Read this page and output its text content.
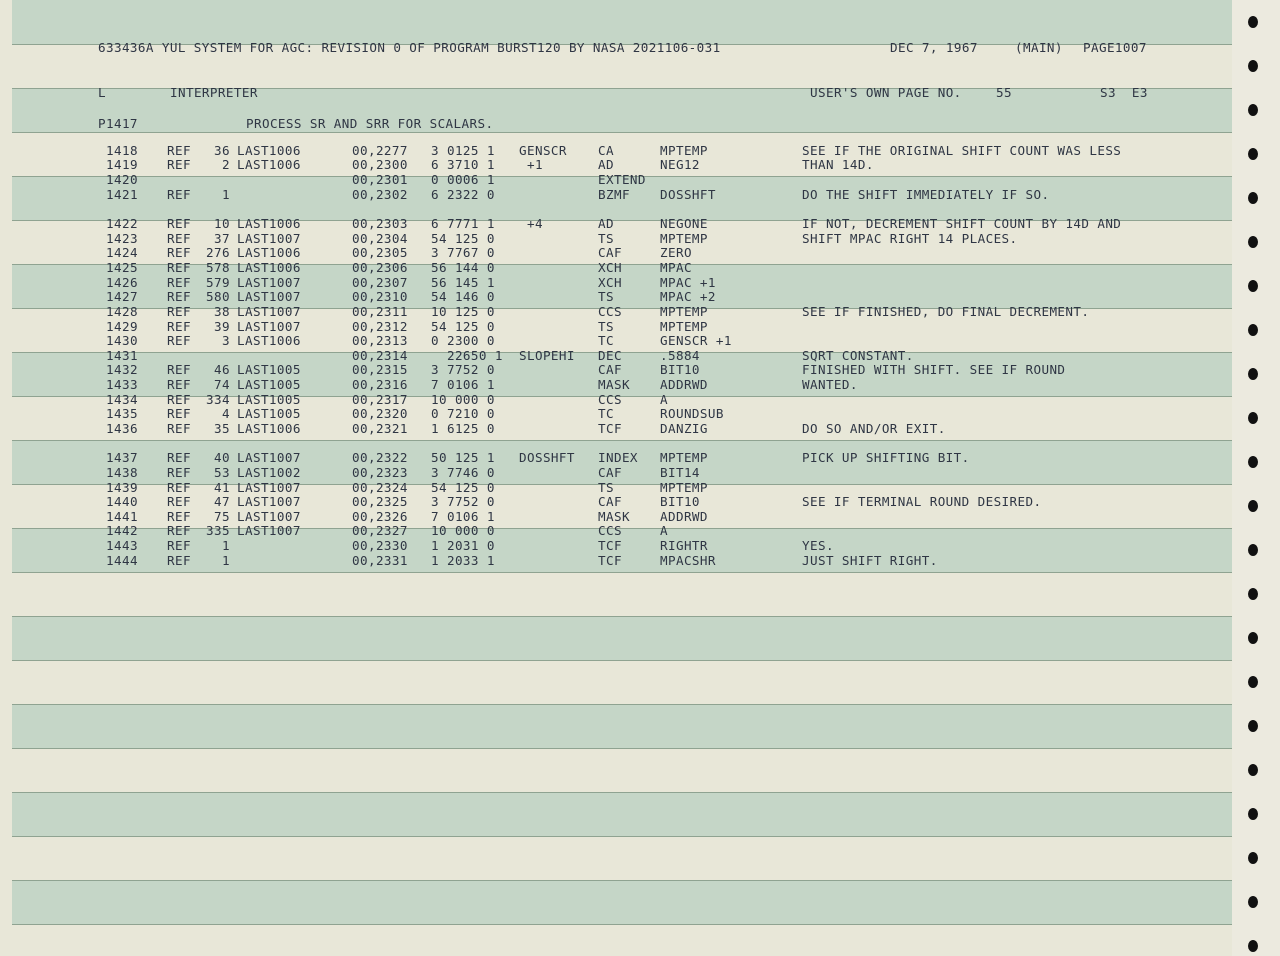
633436A YUL SYSTEM FOR AGC: REVISION 0 OF PROGRAM BURST120 BY NASA 2021106-031	DEC 7, 1967	(MAIN) PAGE1007
L	INTERPRETER	USER'S OWN PAGE NO.	55	S3  E3
P1417	PROCESS SR AND SRR FOR SCALARS.
1418 REF	36 LAST1006	00,2277 3 0125 1 GENSCR CA	MPTEMP	SEE IF THE ORIGINAL SHIFT COUNT WAS LESS
1419 REF	2 LAST1006	00,2300 6 3710 1 +1	AD	NEG12	THAN 14D.
1420	00,2301 0 0006 1	EXTEND
1421 REF	1	00,2302 6 2322 0	BZMF DOSSHFT	DO THE SHIFT IMMEDIATELY IF SO.
1422 REF	10 LAST1006	00,2303 6 7771 1 +4	AD	NEGONE	IF NOT, DECREMENT SHIFT COUNT BY 14D AND
1423 REF	37 LAST1007	00,2304 54 125 0	TS	MPTEMP	SHIFT MPAC RIGHT 14 PLACES.
1424 REF	276 LAST1006	00,2305 3 7767 0	CAF	ZERO
1425 REF	578 LAST1006	00,2306 56 144 0	XCH	MPAC
1426 REF	579 LAST1007	00,2307 56 145 1	XCH	MPAC +1
1427 REF	580 LAST1007	00,2310 54 146 0	TS	MPAC +2
1428 REF	38 LAST1007	00,2311 10 125 0	CCS	MPTEMP	SEE IF FINISHED, DO FINAL DECREMENT.
1429 REF	39 LAST1007	00,2312 54 125 0	TS	MPTEMP
1430 REF	3 LAST1006	00,2313 0 2300 0	TC	GENSCR +1
1431	00,2314 22650 1 SLOPEHI DEC	.5884	SQRT CONSTANT.
1432 REF	46 LAST1005	00,2315 3 7752 0	CAF	BIT10	FINISHED WITH SHIFT. SEE IF ROUND
1433 REF	74 LAST1005	00,2316 7 0106 1	MASK ADDRWD	WANTED.
1434 REF	334 LAST1005	00,2317 10 000 0	CCS	A
1435 REF	4 LAST1005	00,2320 0 7210 0	TC	ROUNDSUB
1436 REF	35 LAST1006	00,2321 1 6125 0	TCF	DANZIG	DO SO AND/OR EXIT.
1437 REF	40 LAST1007	00,2322 50 125 1 DOSSHFT INDEX MPTEMP	PICK UP SHIFTING BIT.
1438 REF	53 LAST1002	00,2323 3 7746 0	CAF	BIT14
1439 REF	41 LAST1007	00,2324 54 125 0	TS	MPTEMP
1440 REF	47 LAST1007	00,2325 3 7752 0	CAF	BIT10	SEE IF TERMINAL ROUND DESIRED.
1441 REF	75 LAST1007	00,2326 7 0106 1	MASK ADDRWD
1442 REF	335 LAST1007	00,2327 10 000 0	CCS	A
1443 REF	1	00,2330 1 2031 0	TCF	RIGHTR	YES.
1444 REF	1	00,2331 1 2033 1	TCF	MPACSHR	JUST SHIFT RIGHT.
